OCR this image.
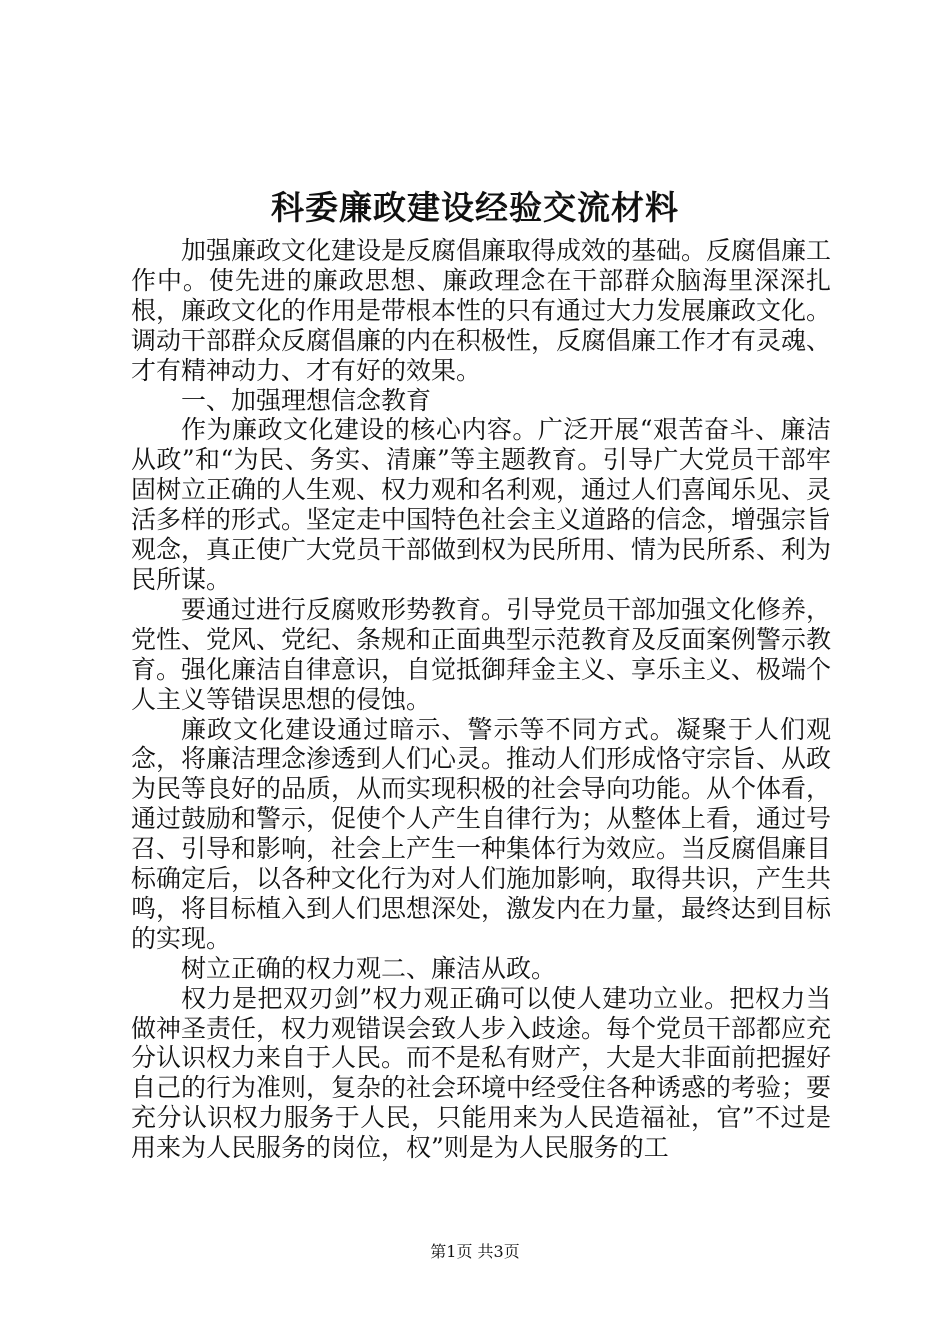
科委廉政建设经验交流材料

加强廉政文化建设是反腐倡廉取得成效的基础。反腐倡廉工作中。使先进的廉政思想、廉政理念在干部群众脑海里深深扎根，廉政文化的作用是带根本性的只有通过大力发展廉政文化。调动干部群众反腐倡廉的内在积极性，反腐倡廉工作才有灵魂、才有精神动力、才有好的效果。

一、加强理想信念教育

作为廉政文化建设的核心内容。广泛开展“艰苦奋斗、廉洁从政”和“为民、务实、清廉”等主题教育。引导广大党员干部牢固树立正确的人生观、权力观和名利观，通过人们喜闻乐见、灵活多样的形式。坚定走中国特色社会主义道路的信念，增强宗旨观念，真正使广大党员干部做到权为民所用、情为民所系、利为民所谋。

要通过进行反腐败形势教育。引导党员干部加强文化修养，党性、党风、党纪、条规和正面典型示范教育及反面案例警示教育。强化廉洁自律意识，自觉抵御拜金主义、享乐主义、极端个人主义等错误思想的侵蚀。

廉政文化建设通过暗示、警示等不同方式。凝聚于人们观念，将廉洁理念渗透到人们心灵。推动人们形成恪守宗旨、从政为民等良好的品质，从而实现积极的社会导向功能。从个体看，通过鼓励和警示，促使个人产生自律行为；从整体上看，通过号召、引导和影响，社会上产生一种集体行为效应。当反腐倡廉目标确定后，以各种文化行为对人们施加影响，取得共识，产生共鸣，将目标植入到人们思想深处，激发内在力量，最终达到目标的实现。

树立正确的权力观二、廉洁从政。

权力是把双刃剑”权力观正确可以使人建功立业。把权力当做神圣责任，权力观错误会致人步入歧途。每个党员干部都应充分认识权力来自于人民。而不是私有财产，大是大非面前把握好自己的行为准则，复杂的社会环境中经受住各种诱惑的考验；要充分认识权力服务于人民，只能用来为人民造福祉，官”不过是用来为人民服务的岗位，权”则是为人民服务的工

第1页 共3页
